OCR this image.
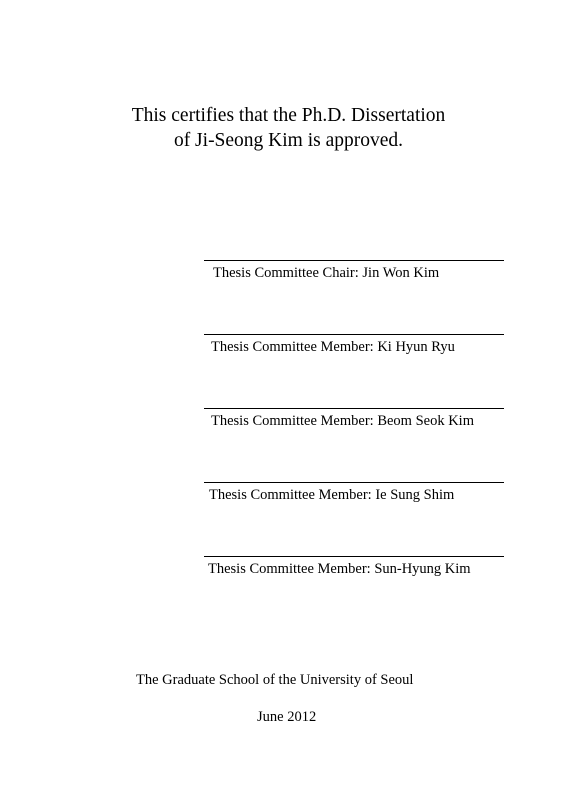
This certifies that the Ph.D. Dissertation

of Ji-Seong Kim is approved.

Thesis Committee Chair: Jin Won Kim
Thesis Committee Member: Ki Hyun Ryu
Thesis Committee Member: Beom Seok Kim
Thesis Committee Member: Ie Sung Shim
Thesis Committee Member: Sun-Hyung Kim
The Graduate School of the University of Seoul
June 2012
